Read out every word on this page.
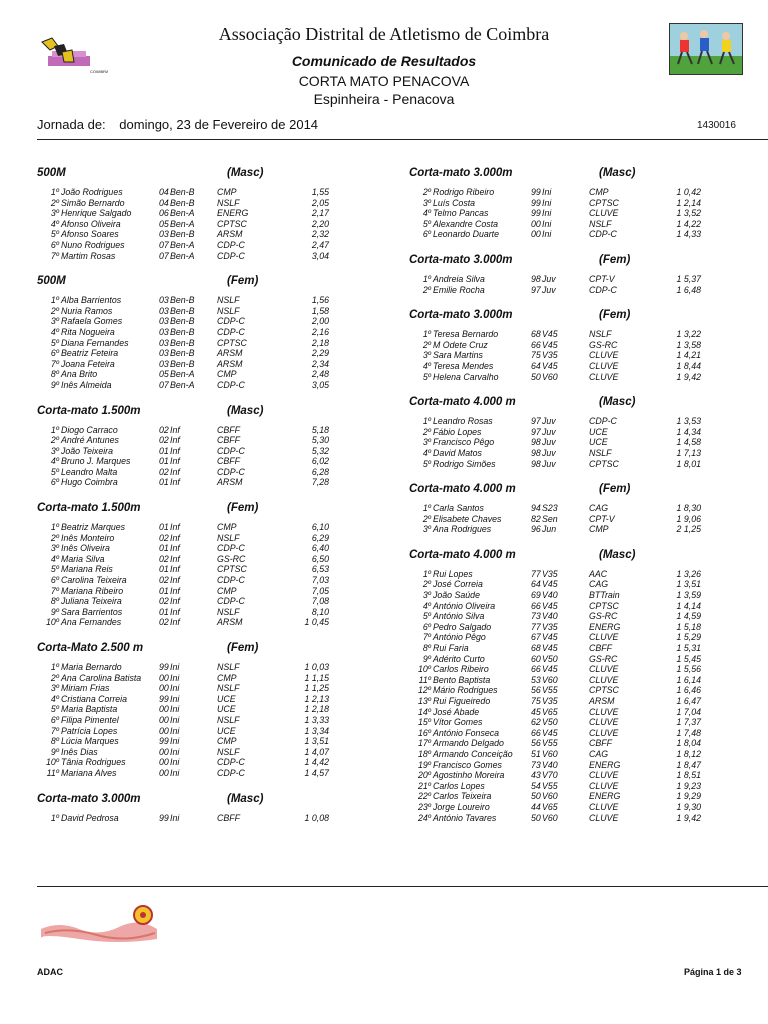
Associação Distrital de Atletismo de Coimbra
Comunicado de Resultados
CORTA MATO PENACOVA
Espinheira - Penacova
COIMBRA
Jornada de: domingo, 23 de Fevereiro de 2014	1430016
500M	(Masc)
1º João Rodrigues	04 Ben-B	CMP	1,55
2º Simão Bernardo	04 Ben-B	NSLF	2,05
3º Henrique Salgado	06 Ben-A	ENERG	2,17
4º Afonso Oliveira	05 Ben-A	CPTSC	2,20
5º Afonso Soares	03 Ben-B	ARSM	2,32
6º Nuno Rodrigues	07 Ben-A	CDP-C	2,47
7º Martim Rosas	07 Ben-A	CDP-C	3,04
500M	(Fem)
1º Alba Barrientos	03 Ben-B	NSLF	1,56
2º Nuria Ramos	03 Ben-B	NSLF	1,58
3º Rafaela Gomes	03 Ben-B	CDP-C	2,00
4º Rita Nogueira	03 Ben-B	CDP-C	2,16
5º Diana Fernandes	03 Ben-B	CPTSC	2,18
6º Beatriz Feteira	03 Ben-B	ARSM	2,29
7º Joana Feteira	03 Ben-B	ARSM	2,34
8º Ana Brito	05 Ben-A	CMP	2,48
9º Inês Almeida	07 Ben-A	CDP-C	3,05
Corta-mato 1.500m	(Masc)
1º Diogo Carraco	02 Inf	CBFF	5,18
2º André Antunes	02 Inf	CBFF	5,30
3º João Teixeira	01 Inf	CDP-C	5,32
4º Bruno J. Marques	01 Inf	CBFF	6,02
5º Leandro Malta	02 Inf	CDP-C	6,28
6º Hugo Coimbra	01 Inf	ARSM	7,28
Corta-mato 1.500m	(Fem)
1º Beatriz Marques	01 Inf	CMP	6,10
2º Inês Monteiro	02 Inf	NSLF	6,29
3º Inês Oliveira	01 Inf	CDP-C	6,40
4º Maria Silva	02 Inf	GS-RC	6,50
5º Mariana Reis	01 Inf	CPTSC	6,53
6º Carolina Teixeira	02 Inf	CDP-C	7,03
7º Mariana Ribeiro	01 Inf	CMP	7,05
8º Juliana Teixeira	02 Inf	CDP-C	7,08
9º Sara Barrientos	01 Inf	NSLF	8,10
10º Ana Fernandes	02 Inf	ARSM	1 0,45
Corta-Mato 2.500 m	(Fem)
1º Maria Bernardo	99 Ini	NSLF	1 0,03
2º Ana Carolina Batista 00 Ini	CMP	1 1,15
3º Miriam Frias	00 Ini	NSLF	1 1,25
4º Cristiana Correia	99 Ini	UCE	1 2,13
5º Maria Baptista	00 Ini	UCE	1 2,18
6º Filipa Pimentel	00 Ini	NSLF	1 3,33
7º Patrícia Lopes	00 Ini	UCE	1 3,34
8º Lúcia Marques	99 Ini	CMP	1 3,51
9º Inês Dias	00 Ini	NSLF	1 4,07
10º Tânia Rodrigues	00 Ini	CDP-C	1 4,42
11º Mariana Alves	00 Ini	CDP-C	1 4,57
Corta-mato 3.000m	(Masc)
1º David Pedrosa	99 Ini	CBFF	1 0,08
Corta-mato 3.000m	(Masc)
2º Rodrigo Ribeiro	99 Ini	CMP	1 0,42
3º Luís Costa	99 Ini	CPTSC	1 2,14
4º Telmo Pancas	99 Ini	CLUVE	1 3,52
5º Alexandre Costa	00 Ini	NSLF	1 4,22
6º Leonardo Duarte	00 Ini	CDP-C	1 4,33
Corta-mato 3.000m	(Fem)
1º Andreia Silva	98 Juv	CPT-V	1 5,37
2º Emilie Rocha	97 Juv	CDP-C	1 6,48
Corta-mato 3.000m	(Fem)
1º Teresa Bernardo	68 V45	NSLF	1 3,22
2º M Odete Cruz	66 V45	GS-RC	1 3,58
3º Sara Martins	75 V35	CLUVE	1 4,21
4º Teresa Mendes	64 V45	CLUVE	1 8,44
5º Helena Carvalho	50 V60	CLUVE	1 9,42
Corta-mato 4.000 m	(Masc)
1º Leandro Rosas	97 Juv	CDP-C	1 3,53
2º Fábio Lopes	97 Juv	UCE	1 4,34
3º Francisco Pêgo	98 Juv	UCE	1 4,58
4º David Matos	98 Juv	NSLF	1 7,13
5º Rodrigo Simões	98 Juv	CPTSC	1 8,01
Corta-mato 4.000 m	(Fem)
1º Carla Santos	94 S23	CAG	1 8,30
2º Elisabete Chaves	82 Sen	CPT-V	1 9,06
3º Ana Rodrigues	96 Jun	CMP	2 1,25
Corta-mato 4.000 m	(Masc)
1º Rui Lopes	77 V35	AAC	1 3,26
2º José Correia	64 V45	CAG	1 3,51
3º João Saúde	69 V40	BTTrain	1 3,59
4º António Oliveira	66 V45	CPTSC	1 4,14
5º António Silva	73 V40	GS-RC	1 4,59
6º Pedro Salgado	77 V35	ENERG	1 5,18
7º António Pêgo	67 V45	CLUVE	1 5,29
8º Rui Faria	68 V45	CBFF	1 5,31
9º Adérito Curto	60 V50	GS-RC	1 5,45
10º Carlos Ribeiro	66 V45	CLUVE	1 5,56
11º Bento Baptista	53 V60	CLUVE	1 6,14
12º Mário Rodrigues	56 V55	CPTSC	1 6,46
13º Rui Figueiredo	75 V35	ARSM	1 6,47
14º José Abade	45 V65	CLUVE	1 7,04
15º Vítor Gomes	62 V50	CLUVE	1 7,37
16º António Fonseca	66 V45	CLUVE	1 7,48
17º Armando Delgado	56 V55	CBFF	1 8,04
18º Armando Conceição 51 V60	CAG	1 8,12
19º Francisco Gomes	73 V40	ENERG	1 8,47
20º Agostinho Moreira	43 V70	CLUVE	1 8,51
21º Carlos Lopes	54 V55	CLUVE	1 9,23
22º Carlos Teixeira	50 V60	ENERG	1 9,29
23º Jorge Loureiro	44 V65	CLUVE	1 9,30
24º António Tavares	50 V60	CLUVE	1 9,42
ADAC	Página 1 de 3
